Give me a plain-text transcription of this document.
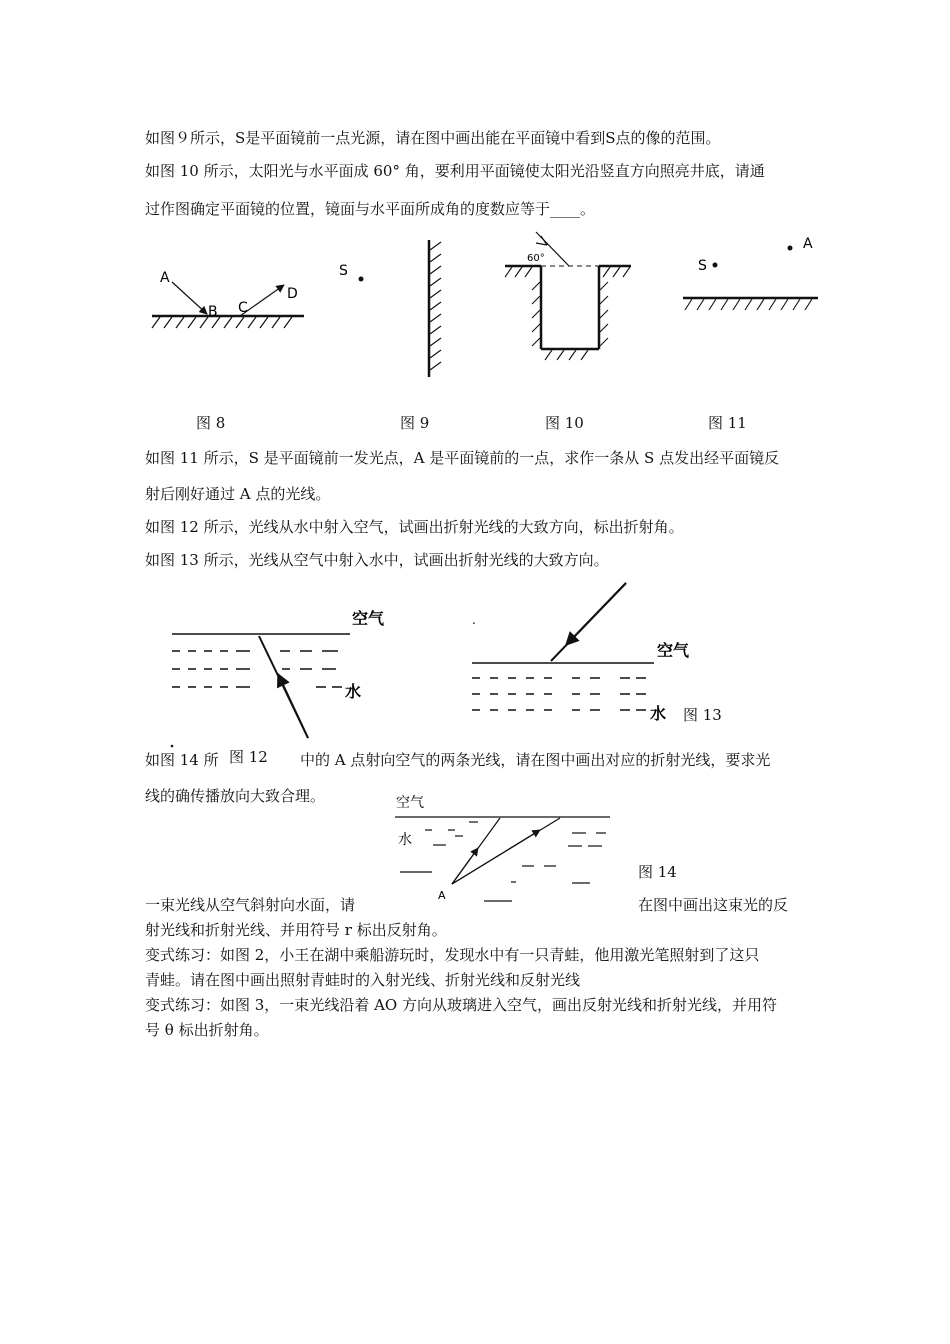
如图９所示，S是平面镜前一点光源，请在图中画出能在平面镜中看到S点的像的范围。
如图 10 所示，太阳光与水平面成 60° 角，要利用平面镜使太阳光沿竖直方向照亮井底，请通
过作图确定平面镜的位置，镜面与水平面所成角的度数应等于____。
A
B C
D
S
60°	S
A
空气
水
.
空气
水
空气
水
A
图 8	图 9	图 10	图 11
如图 11 所示，S 是平面镜前一发光点，A 是平面镜前的一点，求作一条从 S 点发出经平面镜反
射后刚好通过 A 点的光线。
如图 12 所示，光线从水中射入空气，试画出折射光线的大致方向，标出折射角。
如图 13 所示，光线从空气中射入水中，试画出折射光线的大致方向。
图 13
如图 14 所 图 12 中的 A 点射向空气的两条光线，请在图中画出对应的折射光线，要求光
线的确传播放向大致合理。
图 14
一束光线从空气斜射向水面，请	在图中画出这束光的反
射光线和折射光线、并用符号 r 标出反射角。
变式练习：如图 2，小王在湖中乘船游玩时，发现水中有一只青蛙，他用激光笔照射到了这只
青蛙。请在图中画出照射青蛙时的入射光线、折射光线和反射光线
变式练习：如图 3，一束光线沿着 AO 方向从玻璃进入空气，画出反射光线和折射光线，并用符
号 θ 标出折射角。
